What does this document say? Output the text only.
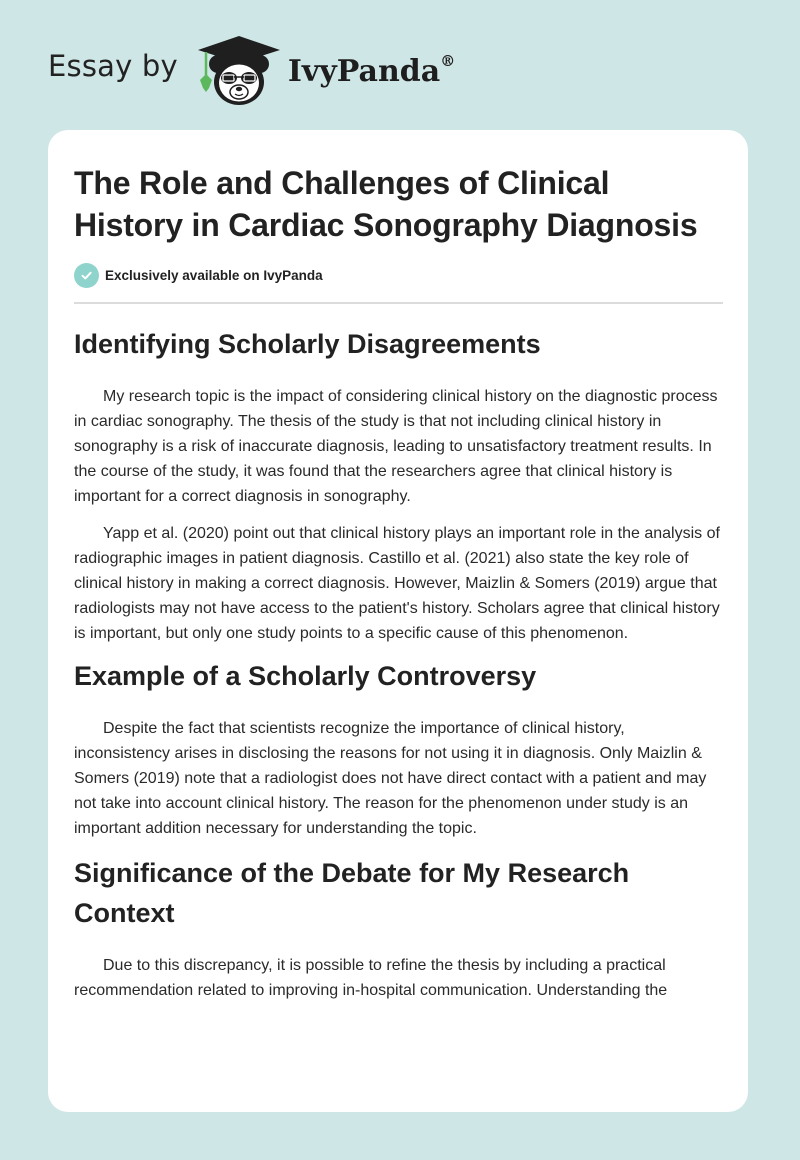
Essay by	IvyPanda®
The Role and Challenges of Clinical History in Cardiac Sonography Diagnosis
Exclusively available on IvyPanda
Identifying Scholarly Disagreements

My research topic is the impact of considering clinical history on the diagnostic process in cardiac sonography. The thesis of the study is that not including clinical history in sonography is a risk of inaccurate diagnosis, leading to unsatisfactory treatment results. In the course of the study, it was found that the researchers agree that clinical history is important for a correct diagnosis in sonography.

Yapp et al. (2020) point out that clinical history plays an important role in the analysis of radiographic images in patient diagnosis. Castillo et al. (2021) also state the key role of clinical history in making a correct diagnosis. However, Maizlin & Somers (2019) argue that radiologists may not have access to the patient's history. Scholars agree that clinical history is important, but only one study points to a specific cause of this phenomenon.

Example of a Scholarly Controversy

Despite the fact that scientists recognize the importance of clinical history, inconsistency arises in disclosing the reasons for not using it in diagnosis. Only Maizlin & Somers (2019) note that a radiologist does not have direct contact with a patient and may not take into account clinical history. The reason for the phenomenon under study is an important addition necessary for understanding the topic.

Significance of the Debate for My Research Context

Due to this discrepancy, it is possible to refine the thesis by including a practical recommendation related to improving in-hospital communication. Understanding the
